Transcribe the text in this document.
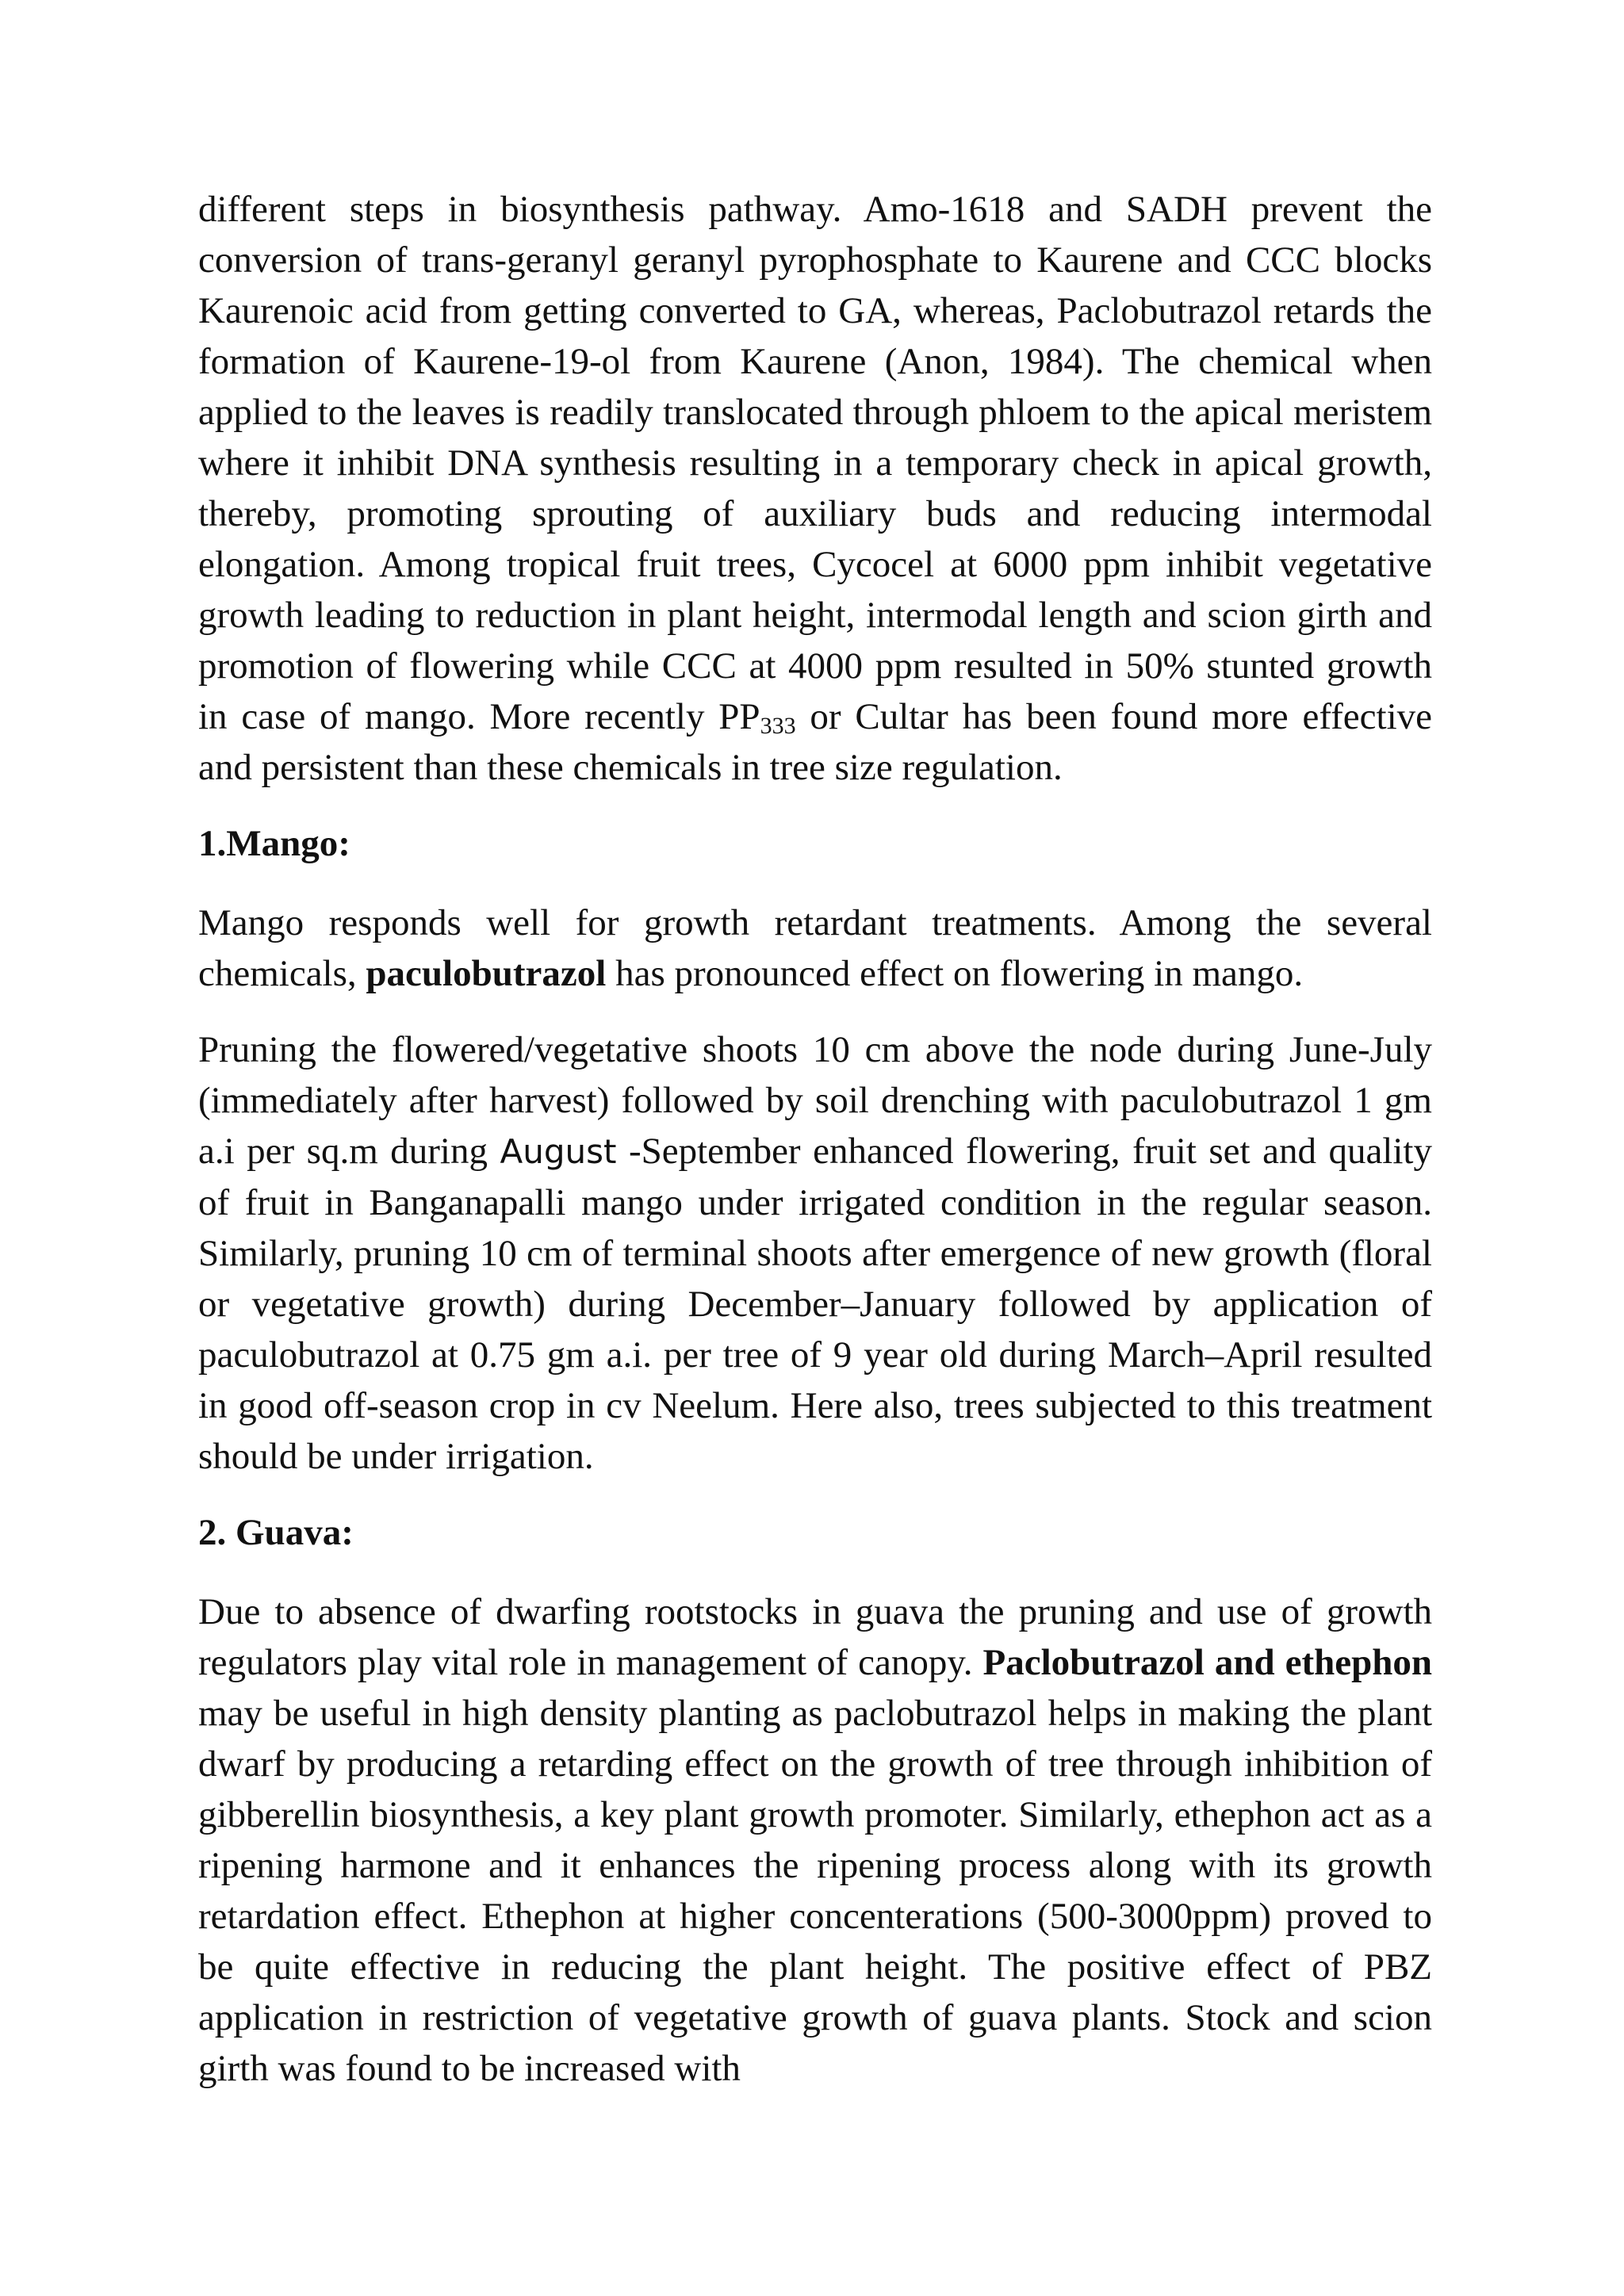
different steps in biosynthesis pathway. Amo-1618 and SADH prevent the conversion of trans-geranyl geranyl pyrophosphate to Kaurene and CCC blocks Kaurenoic acid from getting converted to GA, whereas, Paclobutrazol retards the formation of Kaurene-19-ol from Kaurene (Anon, 1984). The chemical when applied to the leaves is readily translocated through phloem to the apical meristem where it inhibit DNA synthesis resulting in a temporary check in apical growth, thereby, promoting sprouting of auxiliary buds and reducing intermodal elongation. Among tropical fruit trees, Cycocel at 6000 ppm inhibit vegetative growth leading to reduction in plant height, intermodal length and scion girth and promotion of flowering while CCC at 4000 ppm resulted in 50% stunted growth in case of mango. More recently $PP_{333}$ or Cultar has been found more effective and persistent than these chemicals in tree size regulation.

1.Mango:

Mango responds well for growth retardant treatments. Among the several chemicals, paculobutrazol has pronounced effect on flowering in mango.

Pruning the flowered/vegetative shoots 10 cm above the node during June-July (immediately after harvest) followed by soil drenching with paculobutrazol 1 gm a.i per sq.m during August -September enhanced flowering, fruit set and quality of fruit in Banganapalli mango under irrigated condition in the regular season. Similarly, pruning 10 cm of terminal shoots after emergence of new growth (floral or vegetative growth) during December–January followed by application of paculobutrazol at 0.75 gm a.i. per tree of 9 year old during March–April resulted in good off-season crop in cv Neelum. Here also, trees subjected to this treatment should be under irrigation.

2. Guava:

Due to absence of dwarfing rootstocks in guava the pruning and use of growth regulators play vital role in management of canopy. Paclobutrazol and ethephon may be useful in high density planting as paclobutrazol helps in making the plant dwarf by producing a retarding effect on the growth of tree through inhibition of gibberellin biosynthesis, a key plant growth promoter. Similarly, ethephon act as a ripening harmone and it enhances the ripening process along with its growth retardation effect. Ethephon at higher concenterations (500-3000ppm) proved to be quite effective in reducing the plant height. The positive effect of PBZ application in restriction of vegetative growth of guava plants. Stock and scion girth was found to be increased with
